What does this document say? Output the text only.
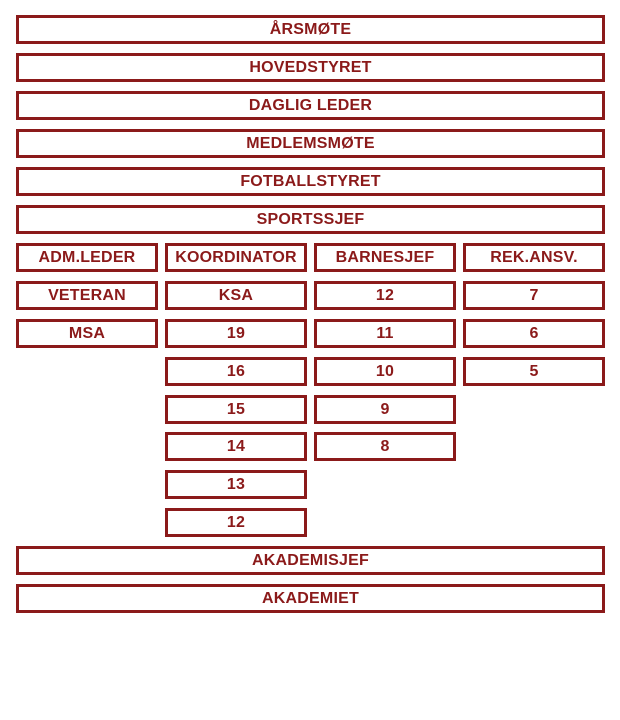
ÅRSMØTE
HOVEDSTYRET
DAGLIG LEDER
MEDLEMSMØTE
FOTBALLSTYRET
SPORTSSJEF
ADM.LEDER
VETERAN
MSA
KOORDINATOR
KSA
19
16
15
14
13
12
BARNESJEF
12
11
10
9
8
REK.ANSV.
7
6
5
AKADEMISJEF
AKADEMIET
